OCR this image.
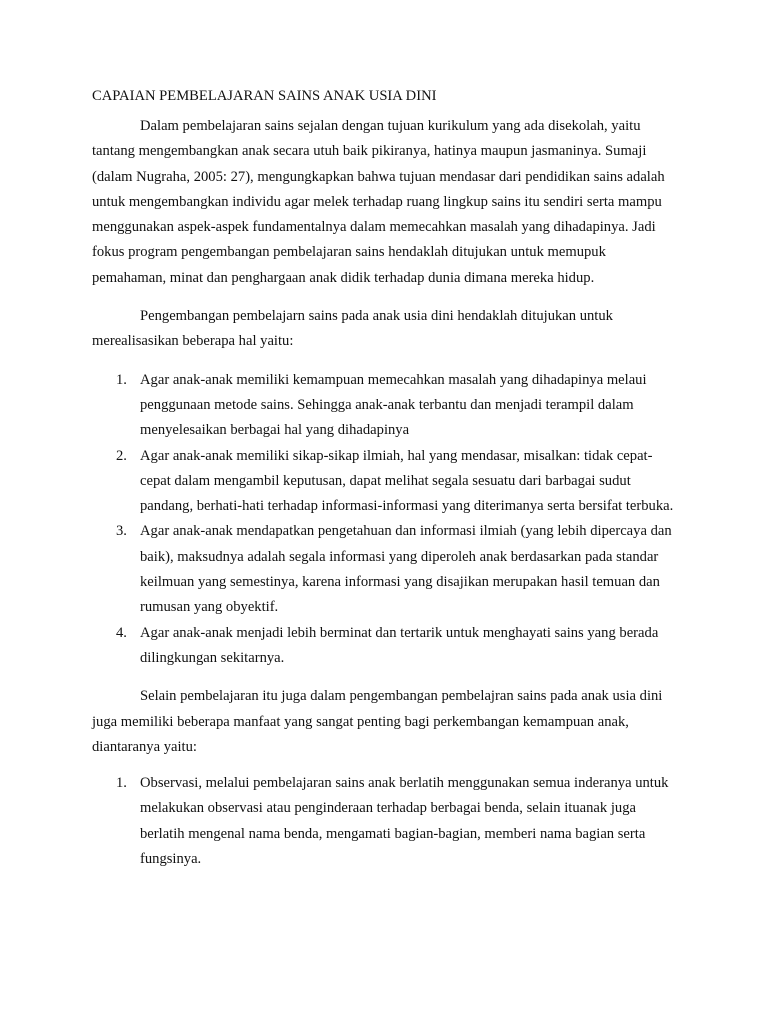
CAPAIAN PEMBELAJARAN SAINS ANAK USIA DINI

Dalam pembelajaran sains sejalan dengan tujuan kurikulum yang ada disekolah, yaitu tantang mengembangkan anak secara utuh baik pikiranya, hatinya maupun jasmaninya. Sumaji (dalam Nugraha, 2005: 27), mengungkapkan bahwa tujuan mendasar dari pendidikan sains adalah untuk mengembangkan individu agar melek terhadap ruang lingkup sains itu sendiri serta mampu menggunakan aspek-aspek fundamentalnya dalam memecahkan masalah yang dihadapinya. Jadi fokus program pengembangan pembelajaran sains hendaklah ditujukan untuk memupuk pemahaman, minat dan penghargaan anak didik terhadap dunia dimana mereka hidup.

Pengembangan pembelajarn sains pada anak usia dini hendaklah ditujukan untuk merealisasikan beberapa hal yaitu:

1. Agar anak-anak memiliki kemampuan memecahkan masalah yang dihadapinya melaui penggunaan metode sains. Sehingga anak-anak terbantu dan menjadi terampil dalam menyelesaikan berbagai hal yang dihadapinya
2. Agar anak-anak memiliki sikap-sikap ilmiah, hal yang mendasar, misalkan: tidak cepat-cepat dalam mengambil keputusan, dapat melihat segala sesuatu dari barbagai sudut pandang, berhati-hati terhadap informasi-informasi yang diterimanya serta bersifat terbuka.
3. Agar anak-anak mendapatkan pengetahuan dan informasi ilmiah (yang lebih dipercaya dan baik), maksudnya adalah segala informasi yang diperoleh anak berdasarkan pada standar keilmuan yang semestinya, karena informasi yang disajikan merupakan hasil temuan dan rumusan yang obyektif.
4. Agar anak-anak menjadi lebih berminat dan tertarik untuk menghayati sains yang berada dilingkungan sekitarnya.

Selain pembelajaran itu juga dalam pengembangan pembelajran sains pada anak usia dini juga memiliki beberapa manfaat yang sangat penting bagi perkembangan kemampuan anak, diantaranya yaitu:

1. Observasi, melalui pembelajaran sains anak berlatih menggunakan semua inderanya untuk melakukan observasi atau penginderaan terhadap berbagai benda, selain ituanak juga berlatih mengenal nama benda, mengamati bagian-bagian, memberi nama bagian serta fungsinya.
